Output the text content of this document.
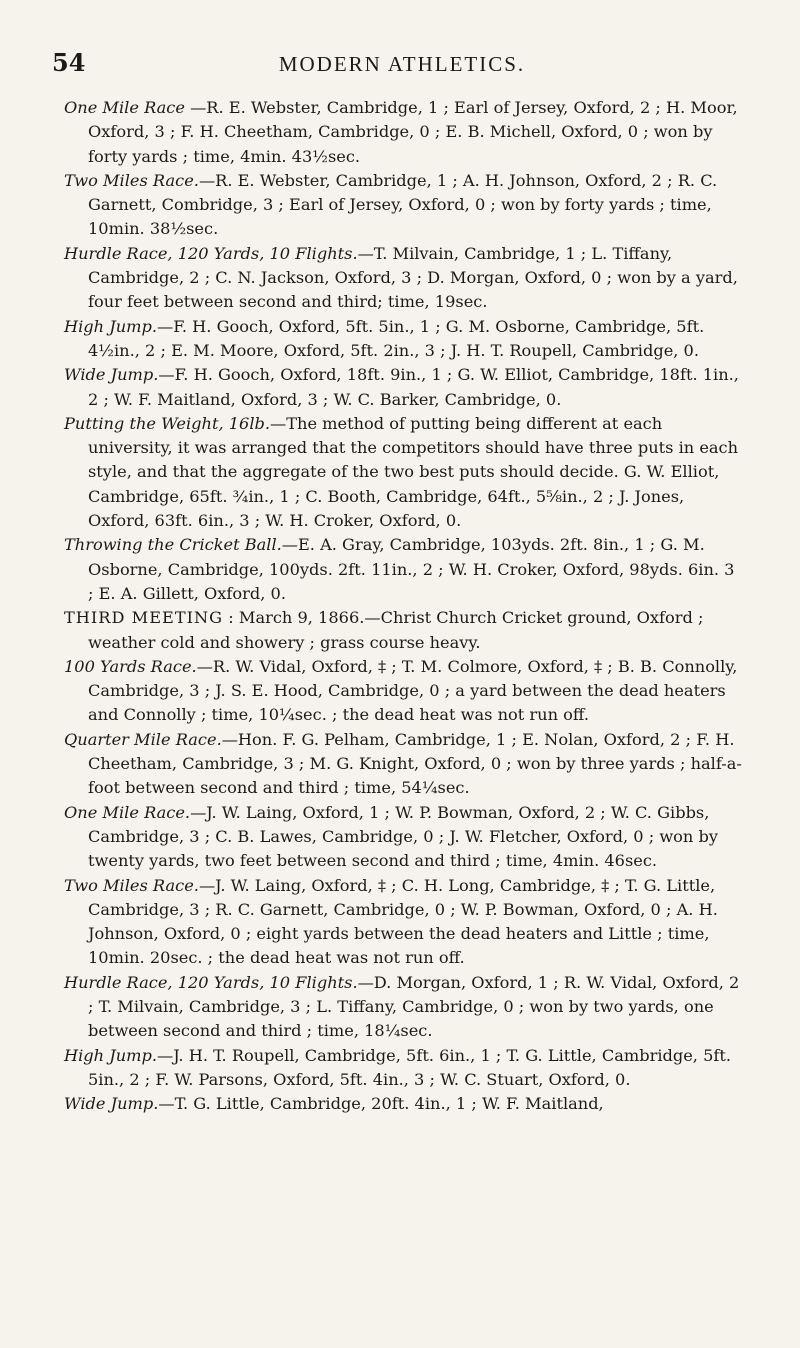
54	MODERN ATHLETICS.

One Mile Race —R. E. Webster, Cambridge, 1 ; Earl of Jersey, Oxford, 2 ; H. Moor, Oxford, 3 ; F. H. Cheetham, Cambridge, 0 ; E. B. Michell, Oxford, 0 ; won by forty yards ; time, 4min. 43½sec.

Two Miles Race.—R. E. Webster, Cambridge, 1 ; A. H. Johnson, Oxford, 2 ; R. C. Garnett, Combridge, 3 ; Earl of Jersey, Oxford, 0 ; won by forty yards ; time, 10min. 38½sec.

Hurdle Race, 120 Yards, 10 Flights.—T. Milvain, Cambridge, 1 ; L. Tiffany, Cambridge, 2 ; C. N. Jackson, Oxford, 3 ; D. Morgan, Oxford, 0 ; won by a yard, four feet between second and third; time, 19sec.

High Jump.—F. H. Gooch, Oxford, 5ft. 5in., 1 ; G. M. Osborne, Cambridge, 5ft. 4½in., 2 ; E. M. Moore, Oxford, 5ft. 2in., 3 ; J. H. T. Roupell, Cambridge, 0.

Wide Jump.—F. H. Gooch, Oxford, 18ft. 9in., 1 ; G. W. Elliot, Cambridge, 18ft. 1in., 2 ; W. F. Maitland, Oxford, 3 ; W. C. Barker, Cambridge, 0.

Putting the Weight, 16lb.—The method of putting being different at each university, it was arranged that the competitors should have three puts in each style, and that the aggregate of the two best puts should decide. G. W. Elliot, Cambridge, 65ft. ¾in., 1 ; C. Booth, Cambridge, 64ft., 5⅝in., 2 ; J. Jones, Oxford, 63ft. 6in., 3 ; W. H. Croker, Oxford, 0.

Throwing the Cricket Ball.—E. A. Gray, Cambridge, 103yds. 2ft. 8in., 1 ; G. M. Osborne, Cambridge, 100yds. 2ft. 11in., 2 ; W. H. Croker, Oxford, 98yds. 6in. 3 ; E. A. Gillett, Oxford, 0.

THIRD MEETING : March 9, 1866.—Christ Church Cricket ground, Oxford ; weather cold and showery ; grass course heavy.

100 Yards Race.—R. W. Vidal, Oxford, ‡ ; T. M. Colmore, Oxford, ‡ ; B. B. Connolly, Cambridge, 3 ; J. S. E. Hood, Cambridge, 0 ; a yard between the dead heaters and Connolly ; time, 10¼sec. ; the dead heat was not run off.

Quarter Mile Race.—Hon. F. G. Pelham, Cambridge, 1 ; E. Nolan, Oxford, 2 ; F. H. Cheetham, Cambridge, 3 ; M. G. Knight, Oxford, 0 ; won by three yards ; half-a-foot between second and third ; time, 54¼sec.

One Mile Race.—J. W. Laing, Oxford, 1 ; W. P. Bowman, Oxford, 2 ; W. C. Gibbs, Cambridge, 3 ; C. B. Lawes, Cambridge, 0 ; J. W. Fletcher, Oxford, 0 ; won by twenty yards, two feet between second and third ; time, 4min. 46sec.

Two Miles Race.—J. W. Laing, Oxford, ‡ ; C. H. Long, Cambridge, ‡ ; T. G. Little, Cambridge, 3 ; R. C. Garnett, Cambridge, 0 ; W. P. Bowman, Oxford, 0 ; A. H. Johnson, Oxford, 0 ; eight yards between the dead heaters and Little ; time, 10min. 20sec. ; the dead heat was not run off.

Hurdle Race, 120 Yards, 10 Flights.—D. Morgan, Oxford, 1 ; R. W. Vidal, Oxford, 2 ; T. Milvain, Cambridge, 3 ; L. Tiffany, Cambridge, 0 ; won by two yards, one between second and third ; time, 18¼sec.

High Jump.—J. H. T. Roupell, Cambridge, 5ft. 6in., 1 ; T. G. Little, Cambridge, 5ft. 5in., 2 ; F. W. Parsons, Oxford, 5ft. 4in., 3 ; W. C. Stuart, Oxford, 0.

Wide Jump.—T. G. Little, Cambridge, 20ft. 4in., 1 ; W. F. Maitland,
